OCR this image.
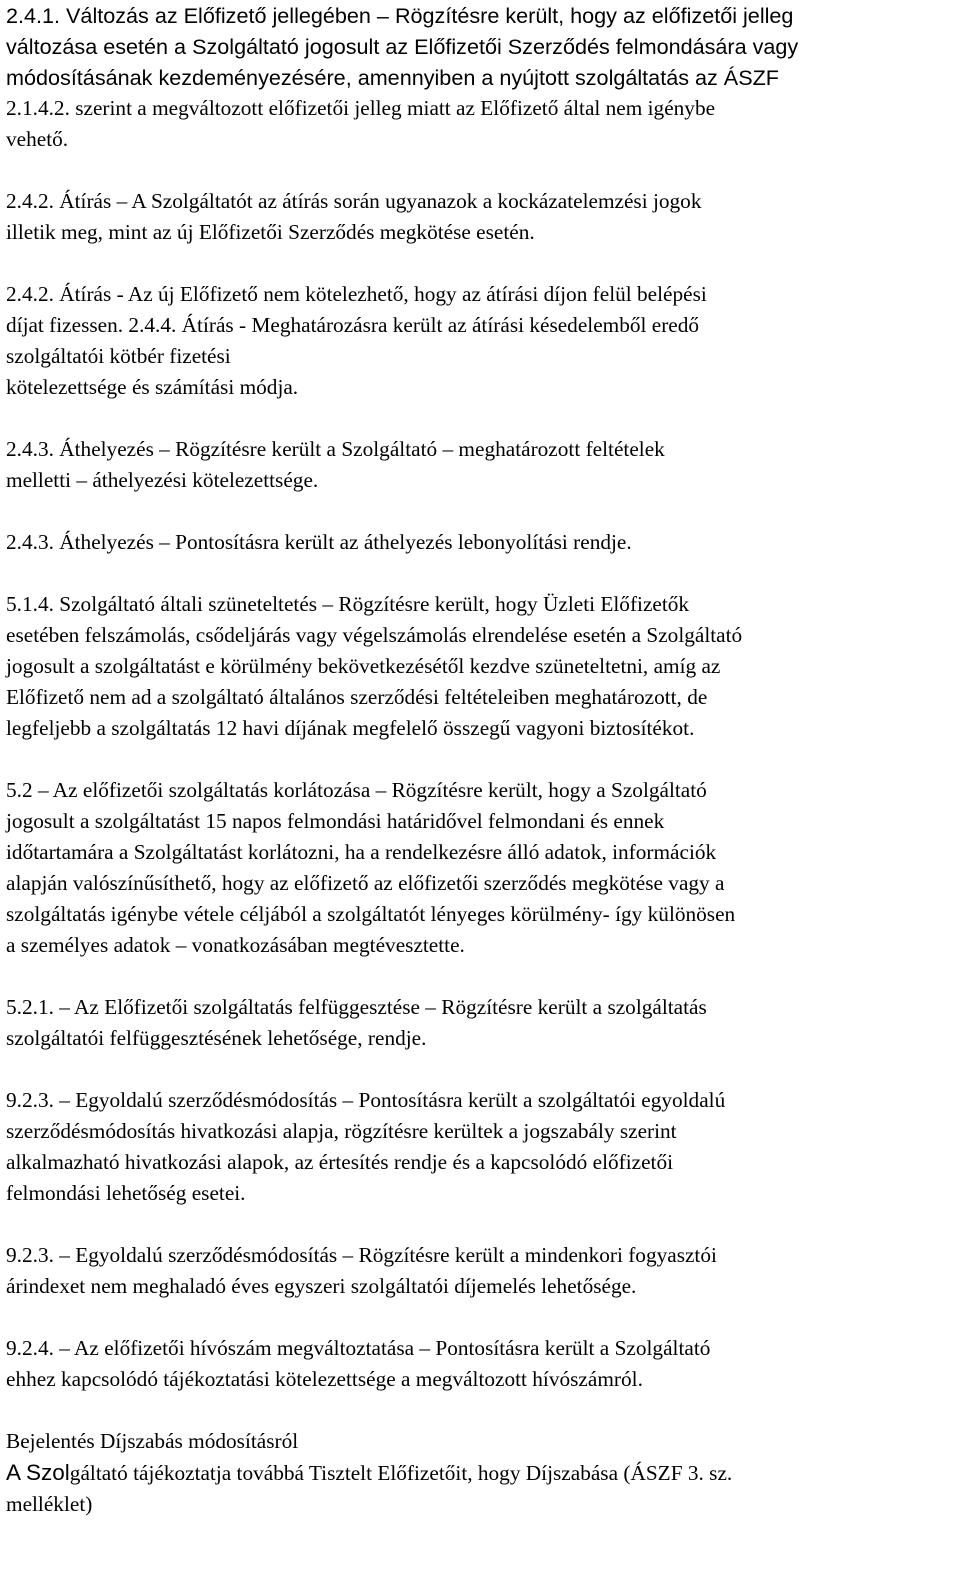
2.4.1. Változás az Előfizető jellegében – Rögzítésre került, hogy az előfizetői jelleg
változása esetén a Szolgáltató jogosult az Előfizetői Szerződés felmondására vagy
módosításának kezdeményezésére, amennyiben a nyújtott szolgáltatás az ÁSZF
2.1.4.2. szerint a megváltozott előfizetői jelleg miatt az Előfizető által nem igénybe
vehető.
2.4.2. Átírás – A Szolgáltatót az átírás során ugyanazok a kockázatelemzési jogok
illetik meg, mint az új Előfizetői Szerződés megkötése esetén.
2.4.2. Átírás - Az új Előfizető nem kötelezhető, hogy az átírási díjon felül belépési
díjat fizessen. 2.4.4. Átírás - Meghatározásra került az átírási késedelemből eredő
szolgáltatói kötbér fizetési
kötelezettsége és számítási módja.
2.4.3. Áthelyezés – Rögzítésre került a Szolgáltató – meghatározott feltételek
melletti – áthelyezési kötelezettsége.
2.4.3. Áthelyezés – Pontosításra került az áthelyezés lebonyolítási rendje.
5.1.4. Szolgáltató általi szüneteltetés – Rögzítésre került, hogy Üzleti Előfizetők
esetében felszámolás, csődeljárás vagy végelszámolás elrendelése esetén a Szolgáltató
jogosult a szolgáltatást e körülmény bekövetkezésétől kezdve szüneteltetni, amíg az
Előfizető nem ad a szolgáltató általános szerződési feltételeiben meghatározott, de
legfeljebb a szolgáltatás 12 havi díjának megfelelő összegű vagyoni biztosítékot.
5.2 – Az előfizetői szolgáltatás korlátozása – Rögzítésre került, hogy a Szolgáltató
jogosult a szolgáltatást 15 napos felmondási határidővel felmondani és ennek
időtartamára a Szolgáltatást korlátozni, ha a rendelkezésre álló adatok, információk
alapján valószínűsíthető, hogy az előfizető az előfizetői szerződés megkötése vagy a
szolgáltatás igénybe vétele céljából a szolgáltatót lényeges körülmény- így különösen
a személyes adatok – vonatkozásában megtévesztette.
5.2.1. – Az Előfizetői szolgáltatás felfüggesztése – Rögzítésre került a szolgáltatás
szolgáltatói felfüggesztésének lehetősége, rendje.
9.2.3. – Egyoldalú szerződésmódosítás – Pontosításra került a szolgáltatói egyoldalú
szerződésmódosítás hivatkozási alapja, rögzítésre kerültek a jogszabály szerint
alkalmazható hivatkozási alapok, az értesítés rendje és a kapcsolódó előfizetői
felmondási lehetőség esetei.
9.2.3. – Egyoldalú szerződésmódosítás – Rögzítésre került a mindenkori fogyasztói
árindexet nem meghaladó éves egyszeri szolgáltatói díjemelés lehetősége.
9.2.4. – Az előfizetői hívószám megváltoztatása – Pontosításra került a Szolgáltató
ehhez kapcsolódó tájékoztatási kötelezettsége a megváltozott hívószámról.
Bejelentés Díjszabás módosításról
A Szolgáltató tájékoztatja továbbá Tisztelt Előfizetőit, hogy Díjszabása (ÁSZF 3. sz.
melléklet)
